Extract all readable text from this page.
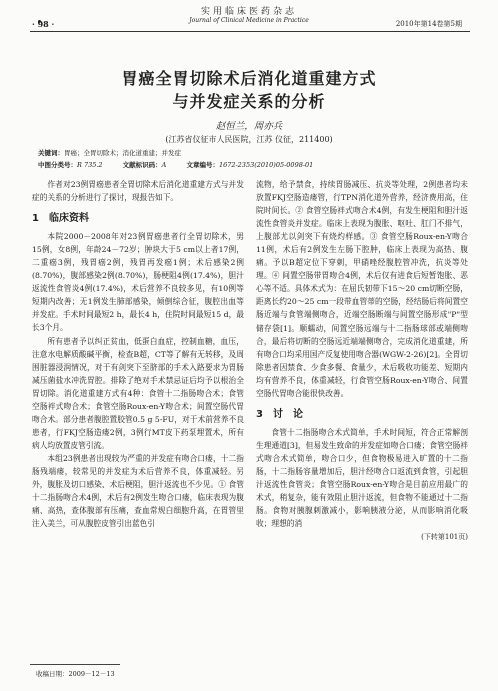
实用临床医药杂志
Journal of Clinical Medicine in Practice
· 98 ·	2010年第14卷第5期
胃癌全胃切除术后消化道重建方式
与并发症关系的分析
赵恒兰，周亦兵
(江苏省仪征市人民医院，江苏 仪征，211400)
关键词：胃癌；全胃切除术；消化道重建；并发症
中图分类号：R 735.2	文献标识码：A	文章编号：1672-2353(2010)05-0098-01

作者对23例胃癌患者全胃切除术后消化道重建方式与并发症的关系的分析进行了探讨，现报告如下。

1　临床资料

本院2000－2008年对23例胃癌患者行全胃切除术，男15例，女8例，年龄24－72岁；肿块大于5 cm以上者17例，二重癌3例，残胃癌2例，残胃再发癌1例；术后感染2例(8.70%)，腹部感染2例(8.70%)，肠梗阻4例(17.4%)，胆汁返流性食管炎4例(17.4%)，术后营养不良较多见，有10例等短期内改善；无1例发生肺部感染，倾倒综合征，腹腔出血等并发症。手术时间最短2 h，最长4 h，住院时间最短15 d，最长3个月。

所有患者予以纠正贫血，低蛋白血症，控制血糖，血压，注意水电解质酸碱平衡，检查B超，CT等了解有无转移，及周围脏器浸润情况，对于有剑突下至脐部的手术入路要求为胃肠减压菌盐水冲洗胃腔。排除了绝对手术禁忌证后均予以根治全胃切除。消化道重建方式有4种：食管十二指肠吻合术；食管空肠袢式吻合术；食管空肠Roux-en-Y吻合术；间置空肠代胃吻合术。部分患者腹腔置胶管0.5 g 5-FU，对于术前营养不良患者，行FKJ空肠造瘘2例，3例行MT皮下药泵埋置术，所有病人均放置皮管引流。

本组23例患者出现较为严重的并发症有吻合口瘘，十二指肠残端瘘，较常见的并发症为术后营养不良，体重减轻。另外，腹胀及切口感染、术后梗阻，胆汁返流也不少见。① 食管十二指肠吻合术4例，术后有2例发生吻合口瘘，临床表现为腹痛、高热，查体腹部有压痛，查血常规白细胞升高，在胃管里注入美兰，可从腹腔皮管引出蓝色引

流物，给予禁食，持续胃肠减压、抗炎等处理，2例患者均未放置FKJ空肠造瘘管，行TPN消化道外营养，经济费用高，住院时间长。② 食管空肠袢式吻合术4例，有发生梗阻和胆汁返流性食管炎并发症。临床上表现为腹胀、呕吐、肛门不排气，上腹部尤以剑突下有烧灼样感。③ 食管空肠Roux-en-Y吻合11例，术后有2例发生左肠下腔肿，临床上表现为高热、腹痛。予以B超定位下穿刺，甲硝唑经腹腔管冲洗，抗炎等处理。④ 间置空肠带胃吻合4例，术后仅有进食后短暂饱胀、恶心等不适。具体术式为：在屈氏韧带下15～20 cm切断空肠，距离长约20～25 cm一段带血管蒂的空肠，经结肠后将间置空肠近端与食管端侧吻合，近端空肠断端与间置空肠形成"P"型储存袋[1]。顺蠕动，间置空肠远端与十二指肠球部或端侧吻合，最后将切断的空肠远近端端侧吻合，完成消化道重建，所有吻合口均采用国产反复使用吻合器(WGW-2-26)[2]。全胃切除患者因禁食、少食多餐、食量少，术后吸收功能差、短期内均有营养不良，体重减轻，行食管空肠Roux-en-Y吻合、间置空肠代胃吻合能很快改善。

3　讨　论

食管十二指肠吻合术式简单，手术时间短，符合正常解剖生理通道[3]，但易发生致命的并发症如吻合口瘘；食管空肠袢式吻合术式简单，吻合口少，但食物极易进入旷置的十二指肠，十二指肠容量增加后，胆汁经吻合口返流到食管，引起胆汁返流性食管炎；食管空肠Roux-en-Y吻合是目前应用最广的术式，稍复杂，能有效阻止胆汁返流，但食物不能通过十二指肠。食物对胰腺刺激减小，影响胰液分泌，从而影响消化吸收；理想的消

(下转第101页)
收稿日期：2009－12－13
